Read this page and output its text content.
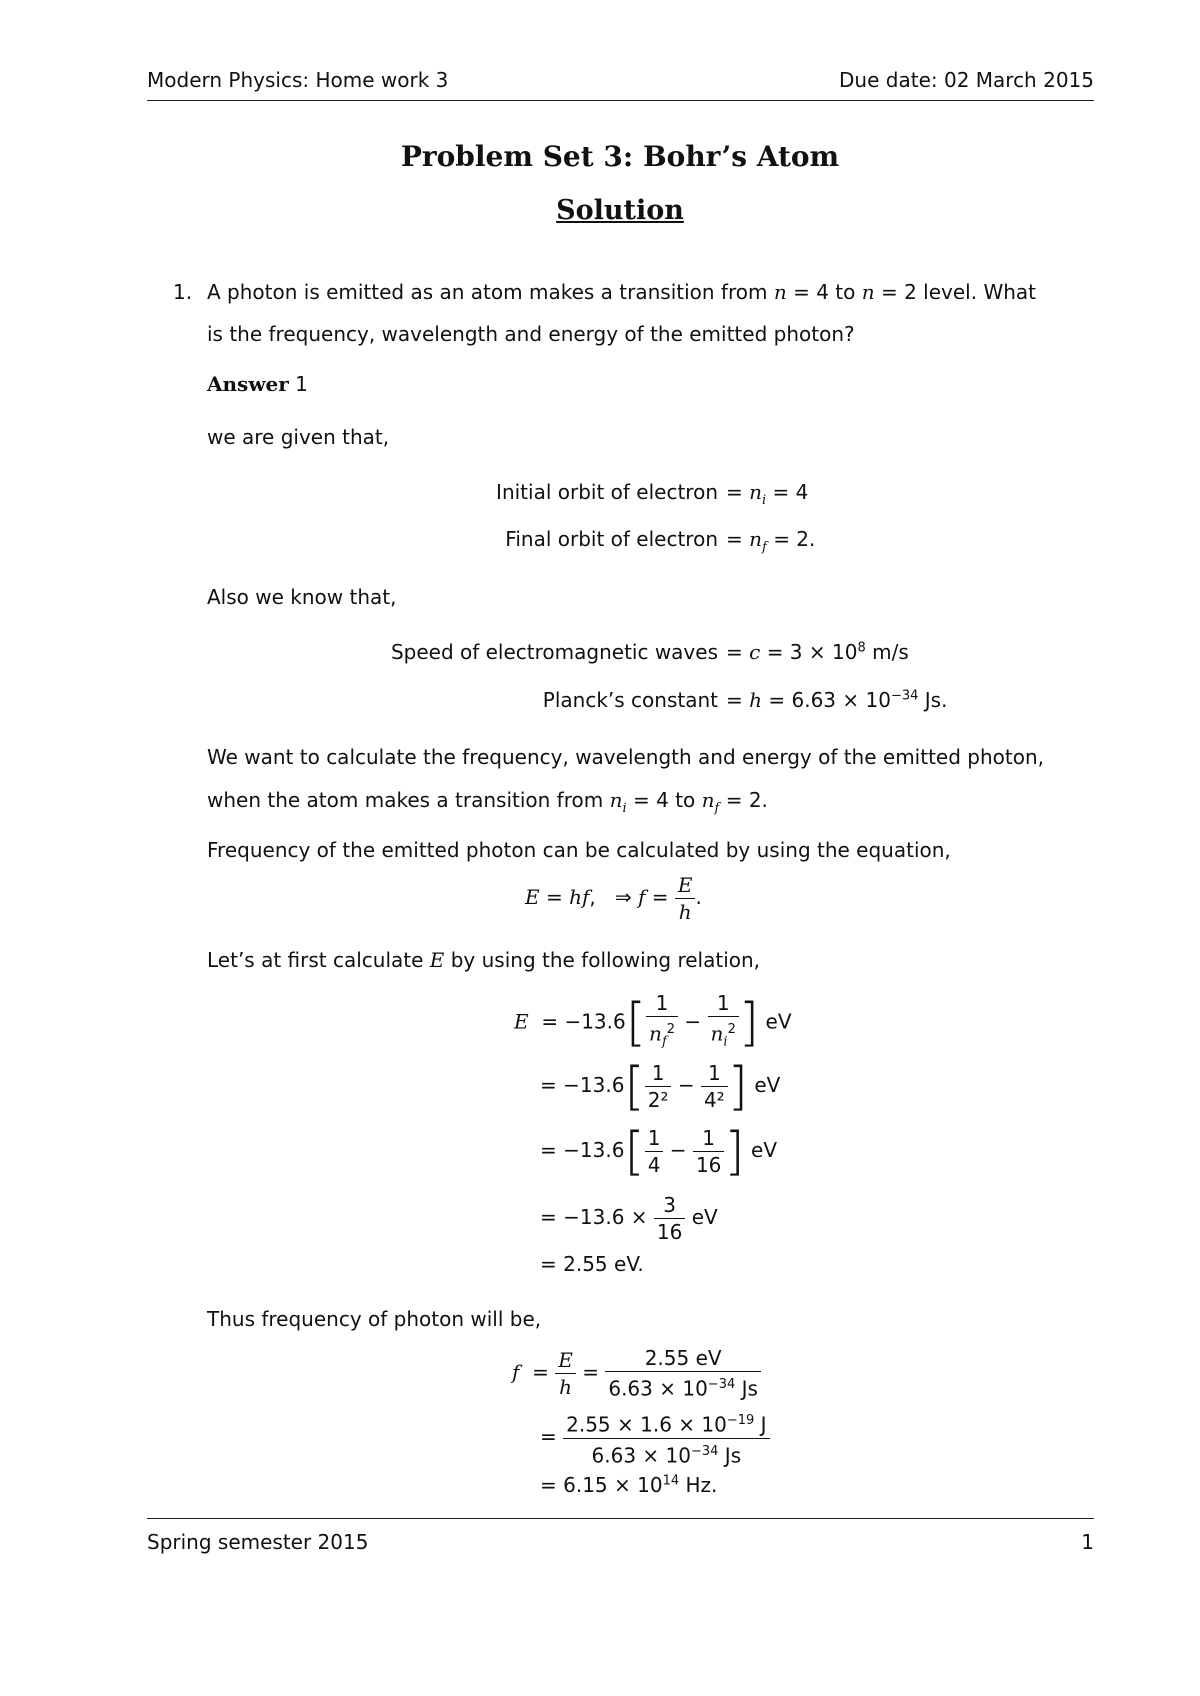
Modern Physics: Home work 3	Due date: 02 March 2015
Problem Set 3: Bohr’s Atom
Solution
1. A photon is emitted as an atom makes a transition from n = 4 to n = 2 level. What
is the frequency, wavelength and energy of the emitted photon?
Answer 1
we are given that,
Initial orbit of electron = $n_i = 4$
Final orbit of electron = $n_f = 2$.
Also we know that,
Speed of electromagnetic waves = $c = 3 \times 10^8$ m/s
Planck’s constant = $h = 6.63 \times 10^{-34}$ Js.
We want to calculate the frequency, wavelength and energy of the emitted photon,
when the atom makes a transition from $n_i = 4$ to $n_f = 2$.
Frequency of the emitted photon can be calculated by using the equation,
E = hf,   ⇒ $f = \frac{E}{h}$ .
Let’s at first calculate E by using the following relation,
$E = -13.6[ \frac{1}{n_f^2} - \frac{1}{n_i^2}$ ] eV
= $-13.6[ \frac{1}{\text{2²}} - \frac{1}{\text{4²}}$ ] eV
= $-13.6[ \frac{1}{4} - \frac{1}{16}$ ] eV
= $-13.6 \times \frac{3}{16}$ eV
= 2.55 eV.
Thus frequency of photon will be,
$f = \frac{E}{h} = \frac{2.55 eV}{6.63 \times 10^{-34} Js}$
= $\frac{2.55 \times 1.6 \times 10^{-19} J}{6.63 \times 10^{-34} Js}$
= $6.15 \times 10^{14}$ Hz.
Spring semester 2015	1
